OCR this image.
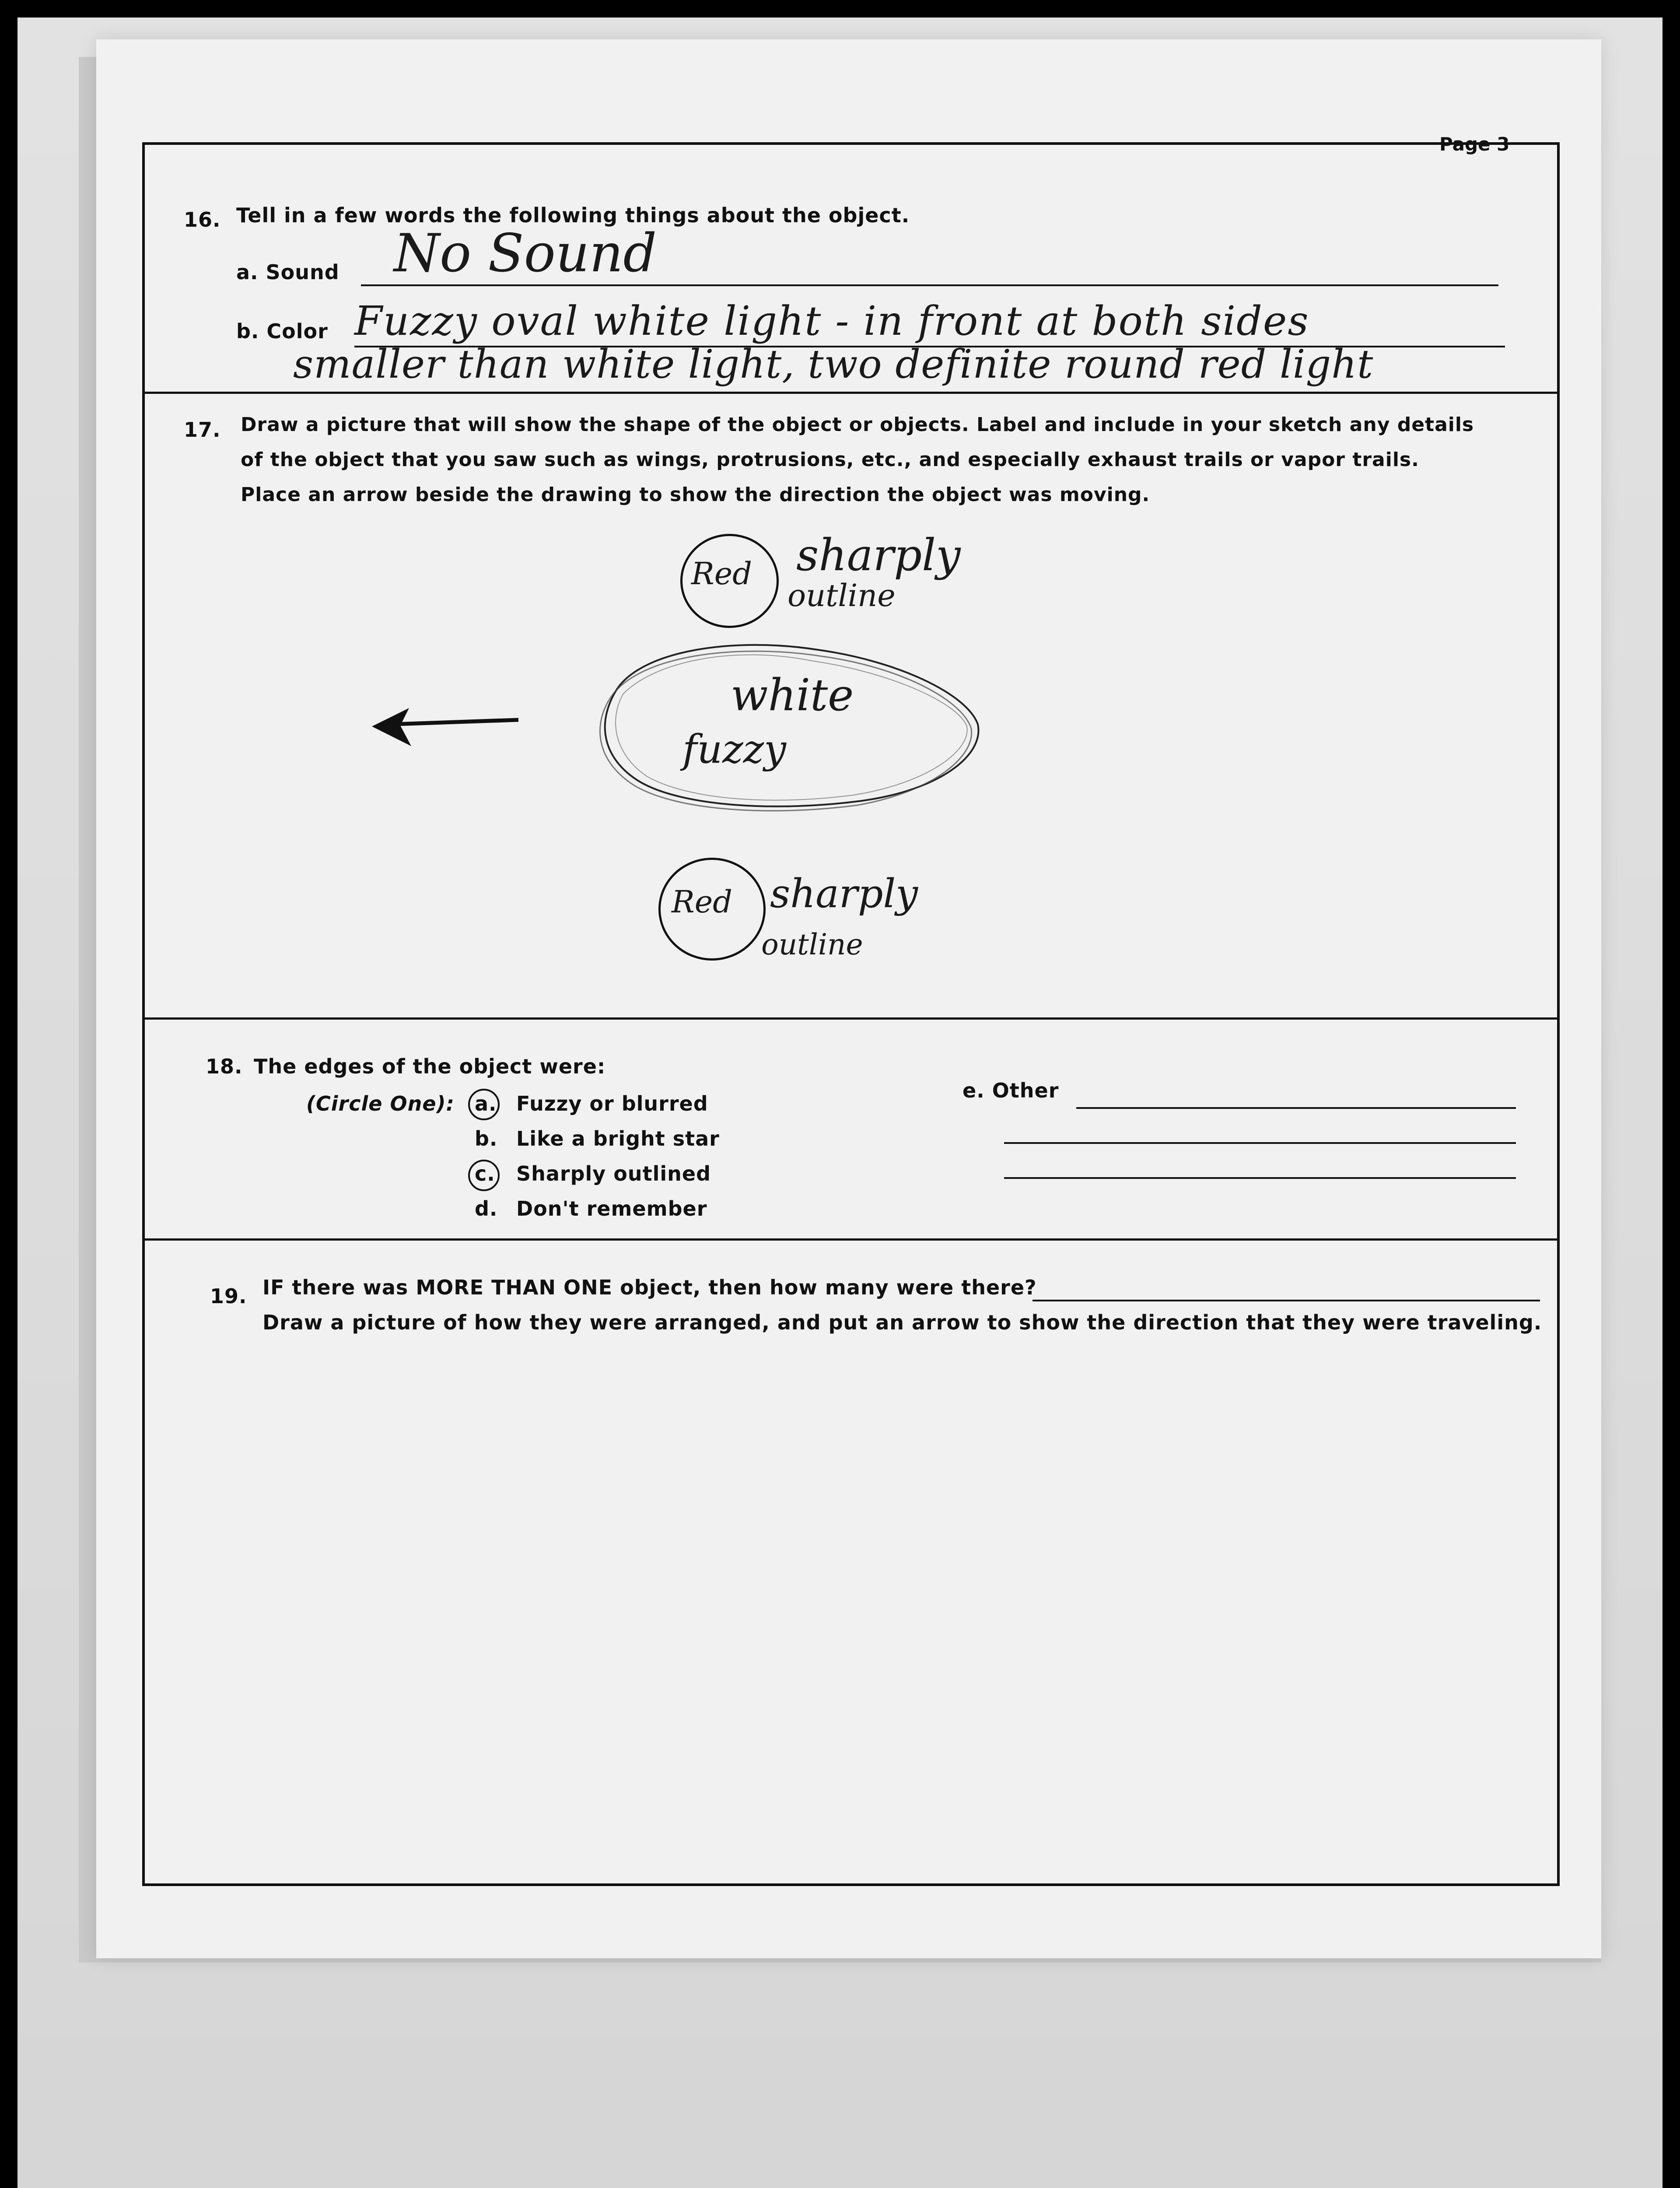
Page 3
16. Tell in a few words the following things about the object.
a. Sound No Sound
b. Color Fuzzy oval white light - in front at both sides
smaller than white light, two definite round red light
17. Draw a picture that will show the shape of the object or objects. Label and include in your sketch any details
of the object that you saw such as wings, protrusions, etc., and especially exhaust trails or vapor trails.
Place an arrow beside the drawing to show the direction the object was moving.
Red sharply
outline
white
fuzzy
Red sharply
outline
18. The edges of the object were:
(Circle One): a. Fuzzy or blurred
b. Like a bright star
c. Sharply outlined
d. Don't remember
e. Other
19. IF there was MORE THAN ONE object, then how many were there?
Draw a picture of how they were arranged, and put an arrow to show the direction that they were traveling.
